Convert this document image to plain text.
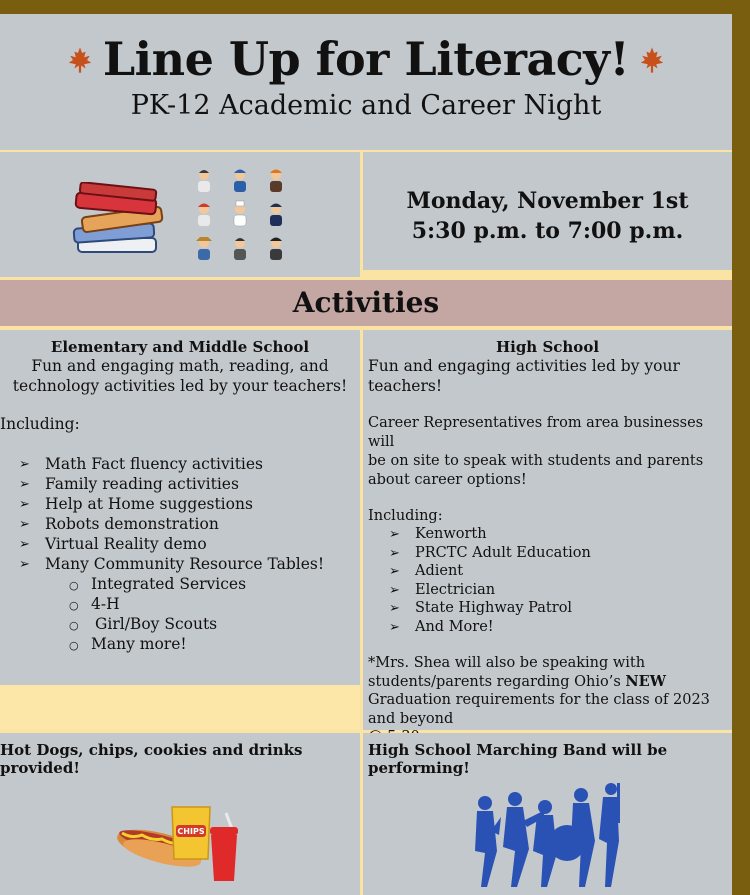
Line Up for Literacy!
PK-12 Academic and Career Night
Monday, November 1st
5:30 p.m. to 7:00 p.m.
Activities
Elementary and Middle School
Fun and engaging math, reading, and
technology activities led by your teachers!
Including:
➢ Math Fact fluency activities
➢ Family reading activities
➢ Help at Home suggestions
➢ Robots demonstration
➢ Virtual Reality demo
➢ Many Community Resource Tables!
○ Integrated Services
○ 4-H
○ Girl/Boy Scouts
○ Many more!
High School
Fun and engaging activities led by your
teachers!
Career Representatives from area businesses will
be on site to speak with students and parents
about career options!
Including:
➢ Kenworth
➢ PRCTC Adult Education
➢ Adient
➢ Electrician
➢ State Highway Patrol
➢ And More!
*Mrs. Shea will also be speaking with
students/parents regarding Ohio’s NEW
Graduation requirements for the class of 2023
and beyond
Hot Dogs, chips, cookies and drinks
provided!
CHIPS
High School Marching Band will be
performing!
